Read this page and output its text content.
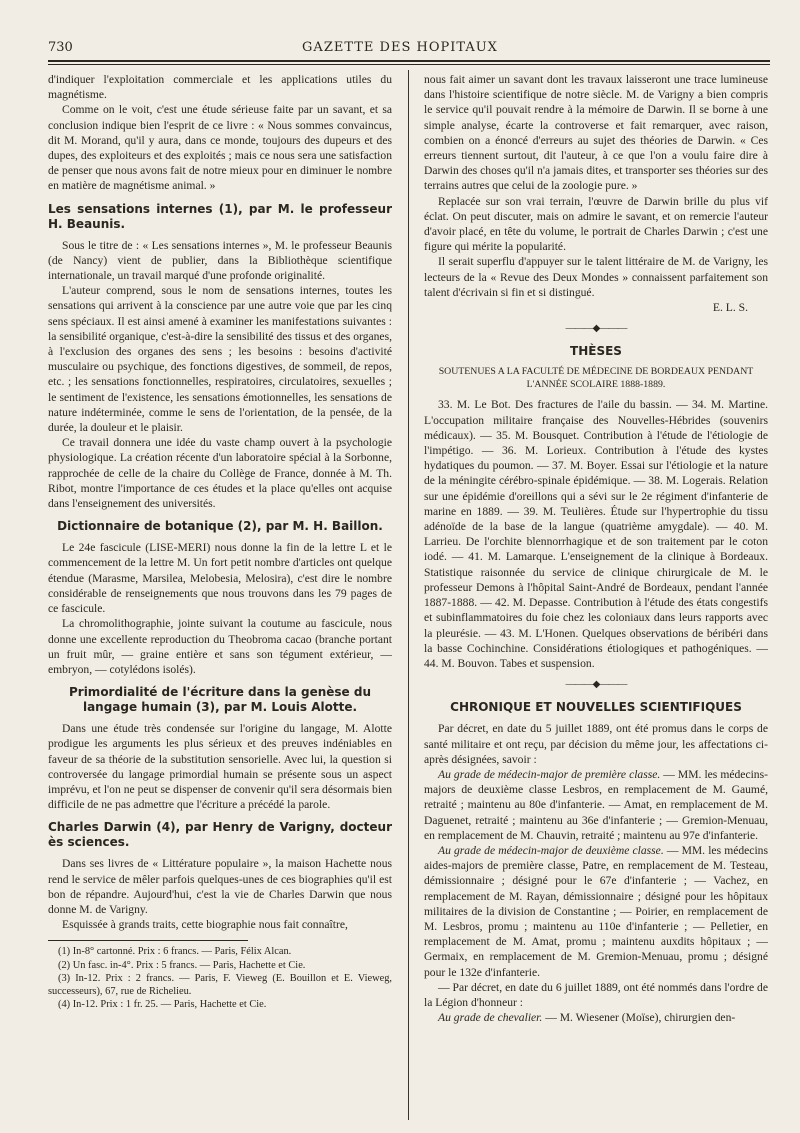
730	GAZETTE DES HOPITAUX

d'indiquer l'exploitation commerciale et les applications utiles du magnétisme.

Comme on le voit, c'est une étude sérieuse faite par un savant, et sa conclusion indique bien l'esprit de ce livre : « Nous sommes convaincus, dit M. Morand, qu'il y aura, dans ce monde, toujours des dupeurs et des dupes, des exploiteurs et des exploités ; mais ce nous sera une satisfaction de penser que nous avons fait de notre mieux pour en diminuer le nombre en matière de magnétisme animal. »

Les sensations internes (1), par M. le professeur H. Beaunis.

Sous le titre de : « Les sensations internes », M. le professeur Beaunis (de Nancy) vient de publier, dans la Bibliothèque scientifique internationale, un travail marqué d'une profonde originalité.

L'auteur comprend, sous le nom de sensations internes, toutes les sensations qui arrivent à la conscience par une autre voie que par les cinq sens spéciaux. Il est ainsi amené à examiner les manifestations suivantes : la sensibilité organique, c'est-à-dire la sensibilité des tissus et des organes, à l'exclusion des organes des sens ; les besoins : besoins d'activité musculaire ou psychique, des fonctions digestives, de sommeil, de repos, etc. ; les sensations fonctionnelles, respiratoires, circulatoires, sexuelles ; le sentiment de l'existence, les sensations émotionnelles, les sensations de nature indéterminée, comme le sens de l'orientation, de la pensée, de la durée, la douleur et le plaisir.

Ce travail donnera une idée du vaste champ ouvert à la psychologie physiologique. La création récente d'un laboratoire spécial à la Sorbonne, rapprochée de celle de la chaire du Collège de France, donnée à M. Th. Ribot, montre l'importance de ces études et la place qu'elles ont acquise dans l'enseignement des universités.

Dictionnaire de botanique (2), par M. H. Baillon.

Le 24e fascicule (LISE-MERI) nous donne la fin de la lettre L et le commencement de la lettre M. Un fort petit nombre d'articles ont quelque étendue (Marasme, Marsilea, Melobesia, Melosira), c'est dire le nombre considérable de renseignements que nous trouvons dans les 79 pages de ce fascicule.

La chromolithographie, jointe suivant la coutume au fascicule, nous donne une excellente reproduction du Theobroma cacao (branche portant un fruit mûr, — graine entière et sans son tégument extérieur, — embryon, — cotylédons isolés).

Primordialité de l'écriture dans la genèse du langage humain (3), par M. Louis Alotte.

Dans une étude très condensée sur l'origine du langage, M. Alotte prodigue les arguments les plus sérieux et des preuves indéniables en faveur de sa théorie de la substitution sensorielle. Avec lui, la question si controversée du langage primordial humain se présente sous un aspect imprévu, et l'on ne peut se dispenser de convenir qu'il sera désormais bien difficile de ne pas admettre que l'écriture a précédé la parole.

Charles Darwin (4), par Henry de Varigny, docteur ès sciences.

Dans ses livres de « Littérature populaire », la maison Hachette nous rend le service de mêler parfois quelques-unes de ces biographies qu'il est bon de répandre. Aujourd'hui, c'est la vie de Charles Darwin que nous donne M. de Varigny.

Esquissée à grands traits, cette biographie nous fait connaître,

(1) In-8° cartonné. Prix : 6 francs. — Paris, Félix Alcan.

(2) Un fasc. in-4°. Prix : 5 francs. — Paris, Hachette et Cie.

(3) In-12. Prix : 2 francs. — Paris, F. Vieweg (E. Bouillon et E. Vieweg, successeurs), 67, rue de Richelieu.

(4) In-12. Prix : 1 fr. 25. — Paris, Hachette et Cie.

nous fait aimer un savant dont les travaux laisseront une trace lumineuse dans l'histoire scientifique de notre siècle. M. de Varigny a bien compris le service qu'il pouvait rendre à la mémoire de Darwin. Il se borne à une simple analyse, écarte la controverse et fait remarquer, avec raison, combien on a énoncé d'erreurs au sujet des théories de Darwin. « Ces erreurs tiennent surtout, dit l'auteur, à ce que l'on a voulu faire dire à Darwin des choses qu'il n'a jamais dites, et transporter ses théories sur des terrains autres que celui de la zoologie pure. »

Replacée sur son vrai terrain, l'œuvre de Darwin brille du plus vif éclat. On peut discuter, mais on admire le savant, et on remercie l'auteur d'avoir placé, en tête du volume, le portrait de Charles Darwin ; c'est une figure qui mérite la popularité.

Il serait superflu d'appuyer sur le talent littéraire de M. de Varigny, les lecteurs de la « Revue des Deux Mondes » connaissent parfaitement son talent d'écrivain si fin et si distingué.

E. L. S.

———◆———
THÈSES
SOUTENUES A LA FACULTÉ DE MÉDECINE DE BORDEAUX PENDANT L'ANNÉE SCOLAIRE 1888-1889.

33. M. Le Bot. Des fractures de l'aile du bassin. — 34. M. Martine. L'occupation militaire française des Nouvelles-Hébrides (souvenirs médicaux). — 35. M. Bousquet. Contribution à l'étude de l'étiologie de l'impétigo. — 36. M. Lorieux. Contribution à l'étude des kystes hydatiques du poumon. — 37. M. Boyer. Essai sur l'étiologie et la nature de la méningite cérébro-spinale épidémique. — 38. M. Logerais. Relation sur une épidémie d'oreillons qui a sévi sur le 2e régiment d'infanterie de marine en 1889. — 39. M. Teulières. Étude sur l'hypertrophie du tissu adénoïde de la base de la langue (quatrième amygdale). — 40. M. Larrieu. De l'orchite blennorrhagique et de son traitement par le coton iodé. — 41. M. Lamarque. L'enseignement de la clinique à Bordeaux. Statistique raisonnée du service de clinique chirurgicale de M. le professeur Demons à l'hôpital Saint-André de Bordeaux, pendant l'année 1887-1888. — 42. M. Depasse. Contribution à l'étude des états congestifs et subinflammatoires du foie chez les coloniaux dans leurs rapports avec la pleurésie. — 43. M. L'Honen. Quelques observations de béribéri dans la basse Cochinchine. Considérations étiologiques et pathogéniques. — 44. M. Bouvon. Tabes et suspension.

———◆———
CHRONIQUE ET NOUVELLES SCIENTIFIQUES

Par décret, en date du 5 juillet 1889, ont été promus dans le corps de santé militaire et ont reçu, par décision du même jour, les affectations ci-après désignées, savoir :

Au grade de médecin-major de première classe. — MM. les médecins-majors de deuxième classe Lesbros, en remplacement de M. Gaumé, retraité ; maintenu au 80e d'infanterie. — Amat, en remplacement de M. Daguenet, retraité ; maintenu au 36e d'infanterie ; — Gremion-Menuau, en remplacement de M. Chauvin, retraité ; maintenu au 97e d'infanterie.

Au grade de médecin-major de deuxième classe. — MM. les médecins aides-majors de première classe, Patre, en remplacement de M. Testeau, démissionnaire ; désigné pour le 67e d'infanterie ; — Vachez, en remplacement de M. Rayan, démissionnaire ; désigné pour les hôpitaux militaires de la division de Constantine ; — Poirier, en remplacement de M. Lesbros, promu ; maintenu au 110e d'infanterie ; — Pelletier, en remplacement de M. Amat, promu ; maintenu auxdits hôpitaux ; — Germaix, en remplacement de M. Gremion-Menuau, promu ; désigné pour le 132e d'infanterie.

— Par décret, en date du 6 juillet 1889, ont été nommés dans l'ordre de la Légion d'honneur :

Au grade de chevalier. — M. Wiesener (Moïse), chirurgien den-
